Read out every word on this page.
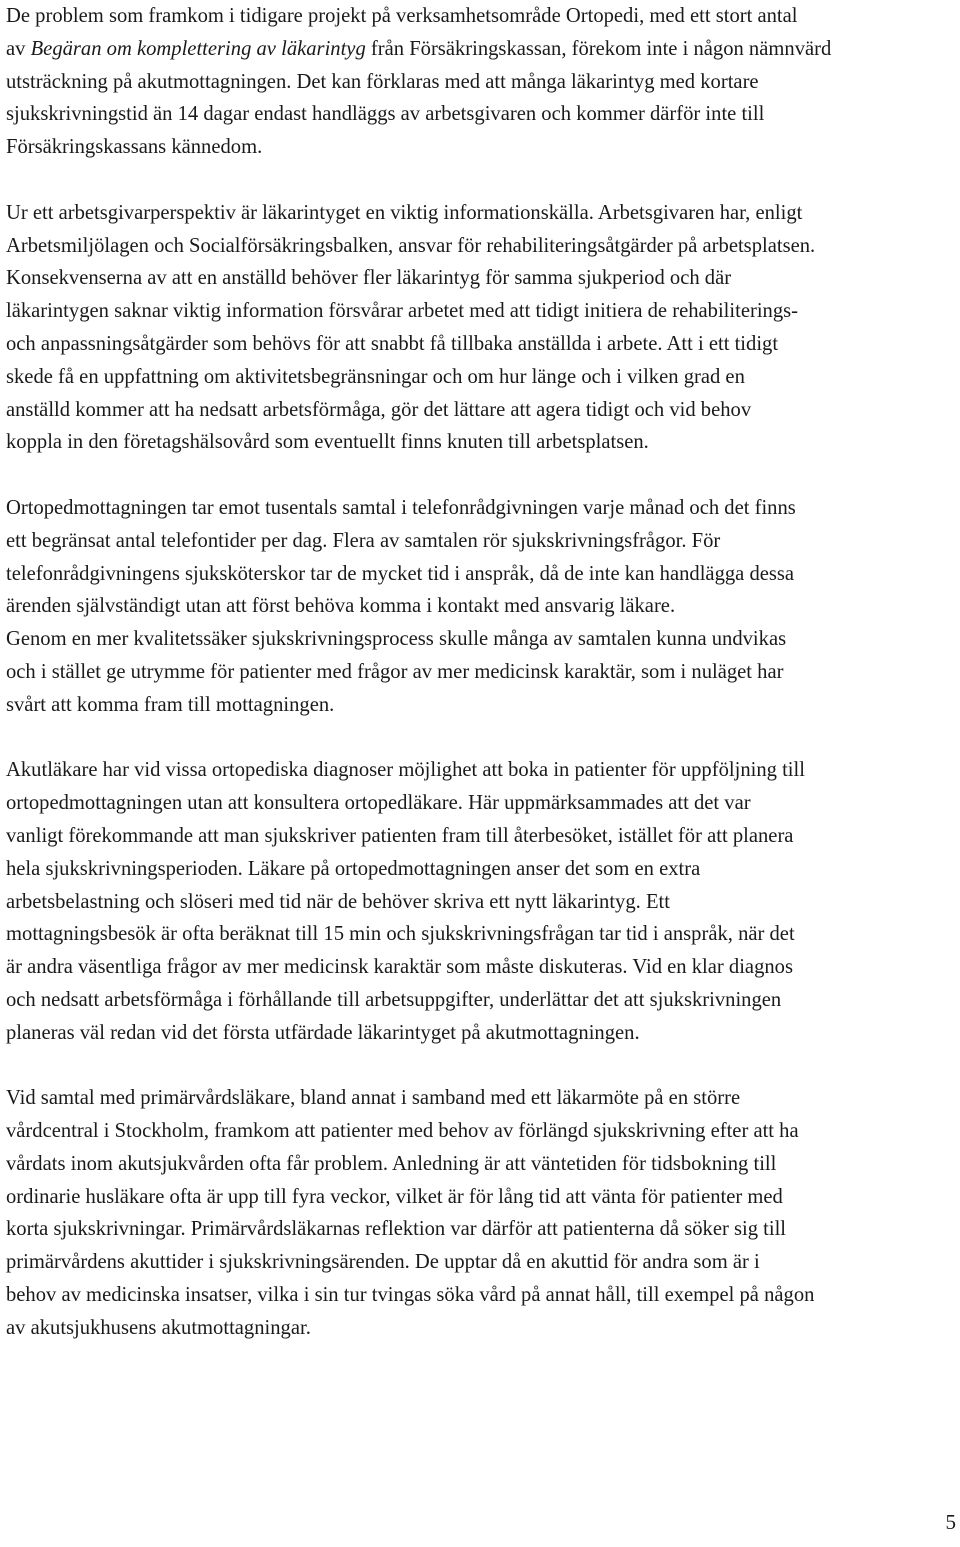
De problem som framkom i tidigare projekt på verksamhetsområde Ortopedi, med ett stort antal
av Begäran om komplettering av läkarintyg från Försäkringskassan, förekom inte i någon nämnvärd
utsträckning på akutmottagningen. Det kan förklaras med att många läkarintyg med kortare
sjukskrivningstid än 14 dagar endast handläggs av arbetsgivaren och kommer därför inte till
Försäkringskassans kännedom.

Ur ett arbetsgivarperspektiv är läkarintyget en viktig informationskälla. Arbetsgivaren har, enligt
Arbetsmiljölagen och Socialförsäkringsbalken, ansvar för rehabiliteringsåtgärder på arbetsplatsen.
Konsekvenserna av att en anställd behöver fler läkarintyg för samma sjukperiod och där
läkarintygen saknar viktig information försvårar arbetet med att tidigt initiera de rehabiliterings-
och anpassningsåtgärder som behövs för att snabbt få tillbaka anställda i arbete. Att i ett tidigt
skede få en uppfattning om aktivitetsbegränsningar och om hur länge och i vilken grad en
anställd kommer att ha nedsatt arbetsförmåga, gör det lättare att agera tidigt och vid behov
koppla in den företagshälsovård som eventuellt finns knuten till arbetsplatsen.

Ortopedmottagningen tar emot tusentals samtal i telefonrådgivningen varje månad och det finns
ett begränsat antal telefontider per dag. Flera av samtalen rör sjukskrivningsfrågor. För
telefonrådgivningens sjuksköterskor tar de mycket tid i anspråk, då de inte kan handlägga dessa
ärenden självständigt utan att först behöva komma i kontakt med ansvarig läkare.
Genom en mer kvalitetssäker sjukskrivningsprocess skulle många av samtalen kunna undvikas
och i stället ge utrymme för patienter med frågor av mer medicinsk karaktär, som i nuläget har
svårt att komma fram till mottagningen.

Akutläkare har vid vissa ortopediska diagnoser möjlighet att boka in patienter för uppföljning till
ortopedmottagningen utan att konsultera ortopedläkare. Här uppmärksammades att det var
vanligt förekommande att man sjukskriver patienten fram till återbesöket, istället för att planera
hela sjukskrivningsperioden. Läkare på ortopedmottagningen anser det som en extra
arbetsbelastning och slöseri med tid när de behöver skriva ett nytt läkarintyg. Ett
mottagningsbesök är ofta beräknat till 15 min och sjukskrivningsfrågan tar tid i anspråk, när det
är andra väsentliga frågor av mer medicinsk karaktär som måste diskuteras. Vid en klar diagnos
och nedsatt arbetsförmåga i förhållande till arbetsuppgifter, underlättar det att sjukskrivningen
planeras väl redan vid det första utfärdade läkarintyget på akutmottagningen.

Vid samtal med primärvårdsläkare, bland annat i samband med ett läkarmöte på en större
vårdcentral i Stockholm, framkom att patienter med behov av förlängd sjukskrivning efter att ha
vårdats inom akutsjukvården ofta får problem. Anledning är att väntetiden för tidsbokning till
ordinarie husläkare ofta är upp till fyra veckor, vilket är för lång tid att vänta för patienter med
korta sjukskrivningar. Primärvårdsläkarnas reflektion var därför att patienterna då söker sig till
primärvårdens akuttider i sjukskrivningsärenden. De upptar då en akuttid för andra som är i
behov av medicinska insatser, vilka i sin tur tvingas söka vård på annat håll, till exempel på någon
av akutsjukhusens akutmottagningar.

5
